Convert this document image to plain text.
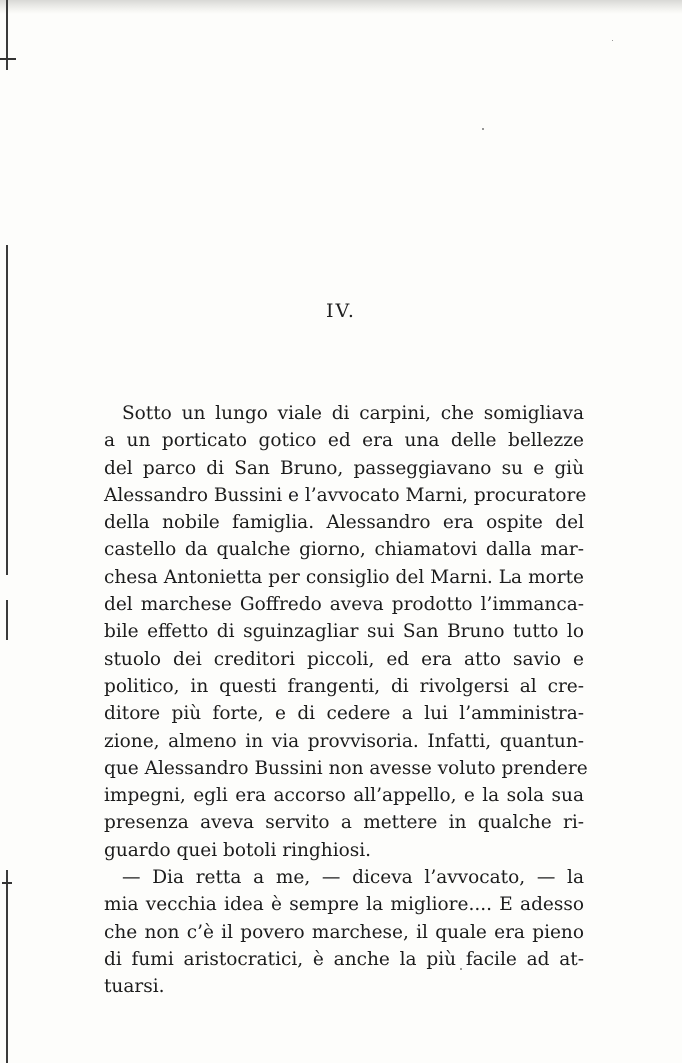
IV.
Sotto un lungo viale di carpini, che somigliava
a un porticato gotico ed era una delle bellezze
del parco di San Bruno, passeggiavano su e giù
Alessandro Bussini e l’avvocato Marni, procuratore
della nobile famiglia. Alessandro era ospite del
castello da qualche giorno, chiamatovi dalla mar-
chesa Antonietta per consiglio del Marni. La morte
del marchese Goffredo aveva prodotto l’immanca-
bile effetto di sguinzagliar sui San Bruno tutto lo
stuolo dei creditori piccoli, ed era atto savio e
politico, in questi frangenti, di rivolgersi al cre-
ditore più forte, e di cedere a lui l’amministra-
zione, almeno in via provvisoria. Infatti, quantun-
que Alessandro Bussini non avesse voluto prendere
impegni, egli era accorso all’appello, e la sola sua
presenza aveva servito a mettere in qualche ri-
guardo quei botoli ringhiosi.
— Dia retta a me, — diceva l’avvocato, — la
mia vecchia idea è sempre la migliore.... E adesso
che non c’è il povero marchese, il quale era pieno
di fumi aristocratici, è anche la più facile ad at-
tuarsi.
